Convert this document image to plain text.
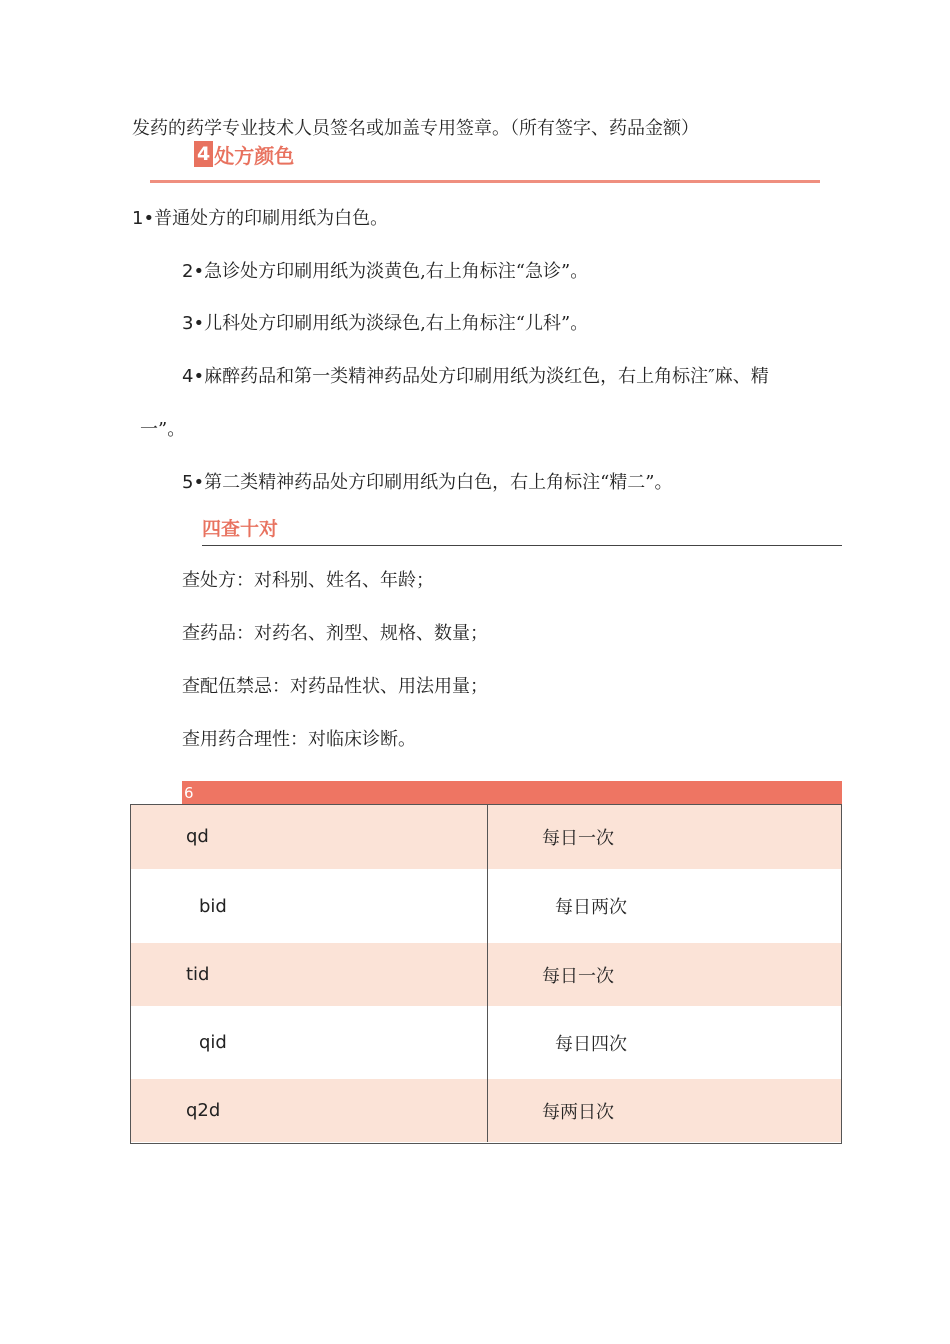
发药的药学专业技术人员签名或加盖专用签章。（所有签字、药品金额）
4 处方颜色
1•普通处方的印刷用纸为白色。
2•急诊处方印刷用纸为淡黄色,右上角标注“急诊”。
3•儿科处方印刷用纸为淡绿色,右上角标注“儿科”。
4•麻醉药品和第一类精神药品处方印刷用纸为淡红色，右上角标注″麻、精
一”。
5•第二类精神药品处方印刷用纸为白色，右上角标注“精二”。
四查十对
查处方：对科别、姓名、年龄；
查药品：对药名、剂型、规格、数量；
查配伍禁忌：对药品性状、用法用量；
查用药合理性：对临床诊断。
6
qd	每日一次
bid	每日两次
tid	每日一次
qid	每日四次
q2d	每两日次
